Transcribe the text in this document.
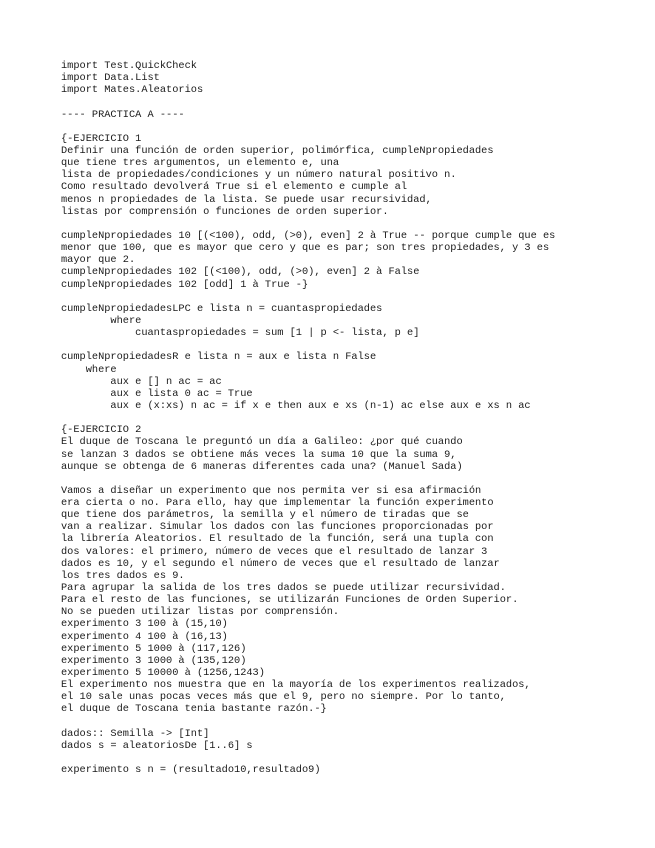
import Test.QuickCheck
import Data.List
import Mates.Aleatorios
---- PRACTICA A ----
{-EJERCICIO 1
Definir una función de orden superior, polimórfica, cumpleNpropiedades
que tiene tres argumentos, un elemento e, una
lista de propiedades/condiciones y un número natural positivo n.
Como resultado devolverá True si el elemento e cumple al
menos n propiedades de la lista. Se puede usar recursividad,
listas por comprensión o funciones de orden superior.
cumpleNpropiedades 10 [(<100), odd, (>0), even] 2 à True -- porque cumple que es
menor que 100, que es mayor que cero y que es par; son tres propiedades, y 3 es
mayor que 2.
cumpleNpropiedades 102 [(<100), odd, (>0), even] 2 à False
cumpleNpropiedades 102 [odd] 1 à True -}
cumpleNpropiedadesLPC e lista n = cuantaspropiedades
where
cuantaspropiedades = sum [1 | p <- lista, p e]
cumpleNpropiedadesR e lista n = aux e lista n False
where
aux e [] n ac = ac
aux e lista 0 ac = True
aux e (x:xs) n ac = if x e then aux e xs (n-1) ac else aux e xs n ac
{-EJERCICIO 2
El duque de Toscana le preguntó un día a Galileo: ¿por qué cuando
se lanzan 3 dados se obtiene más veces la suma 10 que la suma 9,
aunque se obtenga de 6 maneras diferentes cada una? (Manuel Sada)
Vamos a diseñar un experimento que nos permita ver si esa afirmación
era cierta o no. Para ello, hay que implementar la función experimento
que tiene dos parámetros, la semilla y el número de tiradas que se
van a realizar. Simular los dados con las funciones proporcionadas por
la librería Aleatorios. El resultado de la función, será una tupla con
dos valores: el primero, número de veces que el resultado de lanzar 3
dados es 10, y el segundo el número de veces que el resultado de lanzar
los tres dados es 9.
Para agrupar la salida de los tres dados se puede utilizar recursividad.
Para el resto de las funciones, se utilizarán Funciones de Orden Superior.
No se pueden utilizar listas por comprensión.
experimento 3 100 à (15,10)
experimento 4 100 à (16,13)
experimento 5 1000 à (117,126)
experimento 3 1000 à (135,120)
experimento 5 10000 à (1256,1243)
El experimento nos muestra que en la mayoría de los experimentos realizados,
el 10 sale unas pocas veces más que el 9, pero no siempre. Por lo tanto,
el duque de Toscana tenia bastante razón.-}
dados:: Semilla -> [Int]
dados s = aleatoriosDe [1..6] s
experimento s n = (resultado10,resultado9)
